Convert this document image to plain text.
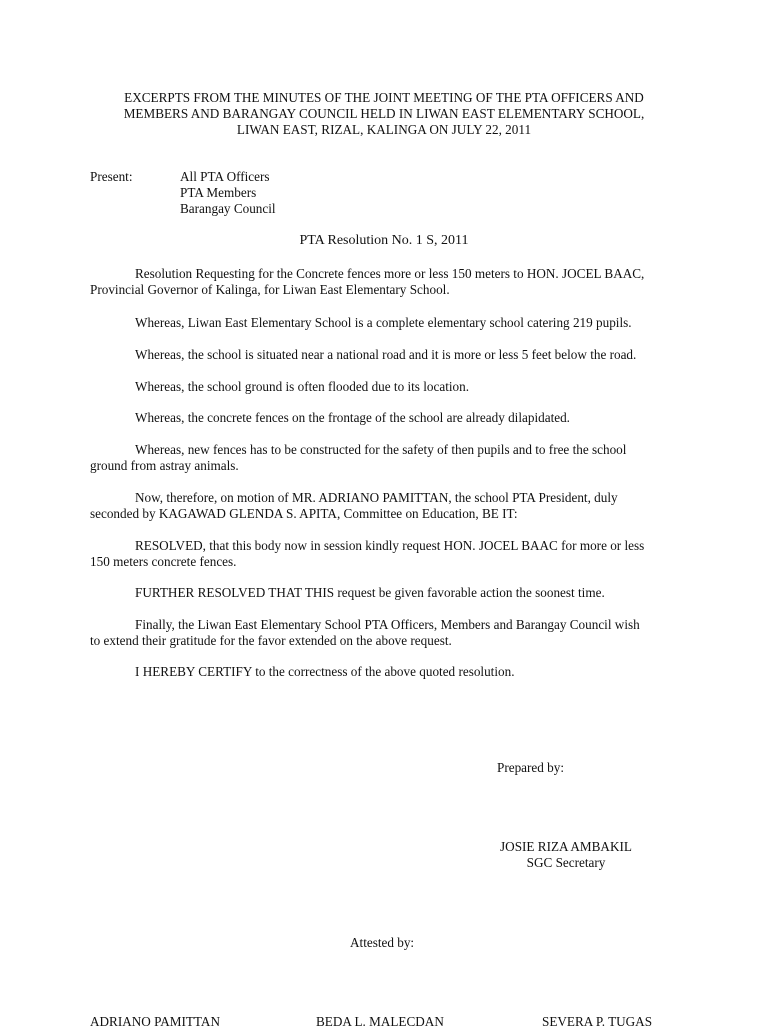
EXCERPTS FROM THE MINUTES OF THE JOINT MEETING OF THE PTA OFFICERS AND
MEMBERS AND BARANGAY COUNCIL HELD IN LIWAN EAST ELEMENTARY SCHOOL,
LIWAN EAST, RIZAL, KALINGA ON JULY 22, 2011
Present:	All PTA Officers
PTA Members
Barangay Council
PTA Resolution No. 1 S, 2011
Resolution Requesting for the Concrete fences more or less 150 meters to HON. JOCEL BAAC,
Provincial Governor of Kalinga, for Liwan East Elementary School.
Whereas, Liwan East Elementary School is a complete elementary school catering 219 pupils.
Whereas, the school is situated near a national road and it is more or less 5 feet below the road.
Whereas, the school ground is often flooded due to its location.
Whereas, the concrete fences on the frontage of the school are already dilapidated.
Whereas, new fences has to be constructed for the safety of then pupils and to free the school
ground from astray animals.
Now, therefore, on motion of MR. ADRIANO PAMITTAN, the school PTA President, duly
seconded by KAGAWAD GLENDA S. APITA, Committee on Education, BE IT:
RESOLVED, that this body now in session kindly request HON. JOCEL BAAC for more or less
150 meters concrete fences.
FURTHER RESOLVED THAT THIS request be given favorable action the soonest time.
Finally, the Liwan East Elementary School PTA Officers, Members and Barangay Council wish
to extend their gratitude for the favor extended on the above request.
I HEREBY CERTIFY to the correctness of the above quoted resolution.
Prepared by:
JOSIE RIZA AMBAKIL
SGC Secretary
Attested by:
ADRIANO PAMITTAN	BEDA L. MALECDAN	SEVERA P. TUGAS
